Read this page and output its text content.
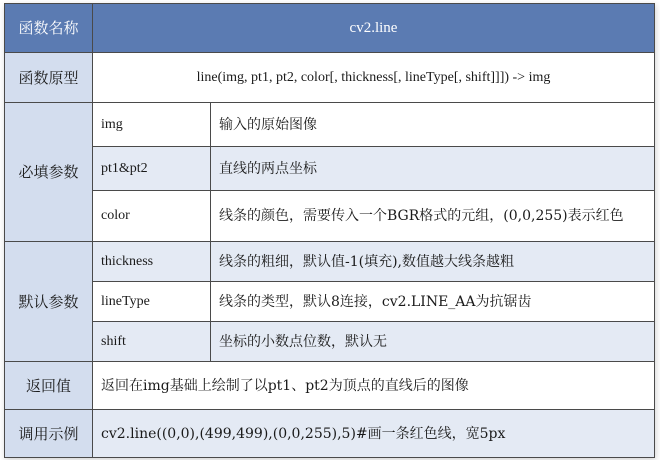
函数名称	cv2.line	
函数原型	line(img, pt1, pt2, color[, thickness[, lineType[, shift]]]) -> img	
必填参数	img	输入的原始图像
	pt1&pt2	直线的两点坐标
	color	线条的颜色，需要传入一个BGR格式的元组，(0,0,255)表示红色
默认参数	thickness	线条的粗细，默认值-1(填充),数值越大线条越粗
	lineType	线条的类型，默认8连接，cv2.LINE_AA为抗锯齿
	shift	坐标的小数点位数，默认无
返回值	返回在img基础上绘制了以pt1、pt2为顶点的直线后的图像	
调用示例	cv2.line((0,0),(499,499),(0,0,255),5)#画一条红色线，宽5px	
